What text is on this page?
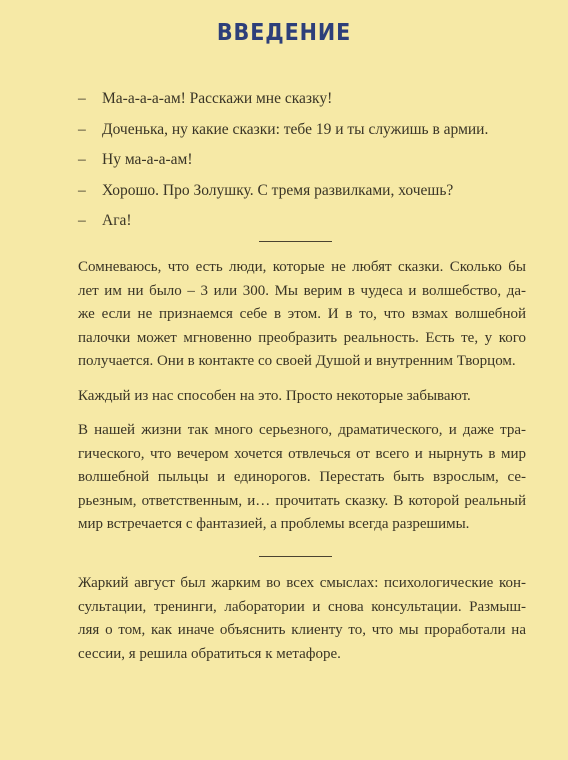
ВВЕДЕНИЕ
– Ма-а-а-а-ам! Расскажи мне сказку!
– Доченька, ну какие сказки: тебе 19 и ты служишь в армии.
– Ну ма-а-а-ам!
– Хорошо. Про Золушку. С тремя развилками, хочешь?
– Ага!

Сомневаюсь, что есть люди, которые не любят сказки. Сколько бы
лет им ни было – 3 или 300. Мы верим в чудеса и волшебство, да-
же если не признаемся себе в этом. И в то, что взмах волшебной
палочки может мгновенно преобразить реальность. Есть те, у кого
получается. Они в контакте со своей Душой и внутренним Творцом.

Каждый из нас способен на это. Просто некоторые забывают.

В нашей жизни так много серьезного, драматического, и даже тра-
гического, что вечером хочется отвлечься от всего и нырнуть в мир
волшебной пыльцы и единорогов. Перестать быть взрослым, се-
рьезным, ответственным, и… прочитать сказку. В которой реальный
мир встречается с фантазией, а проблемы всегда разрешимы.

Жаркий август был жарким во всех смыслах: психологические кон-
сультации, тренинги, лаборатории и снова консультации. Размыш-
ляя о том, как иначе объяснить клиенту то, что мы проработали на
сессии, я решила обратиться к метафоре.
